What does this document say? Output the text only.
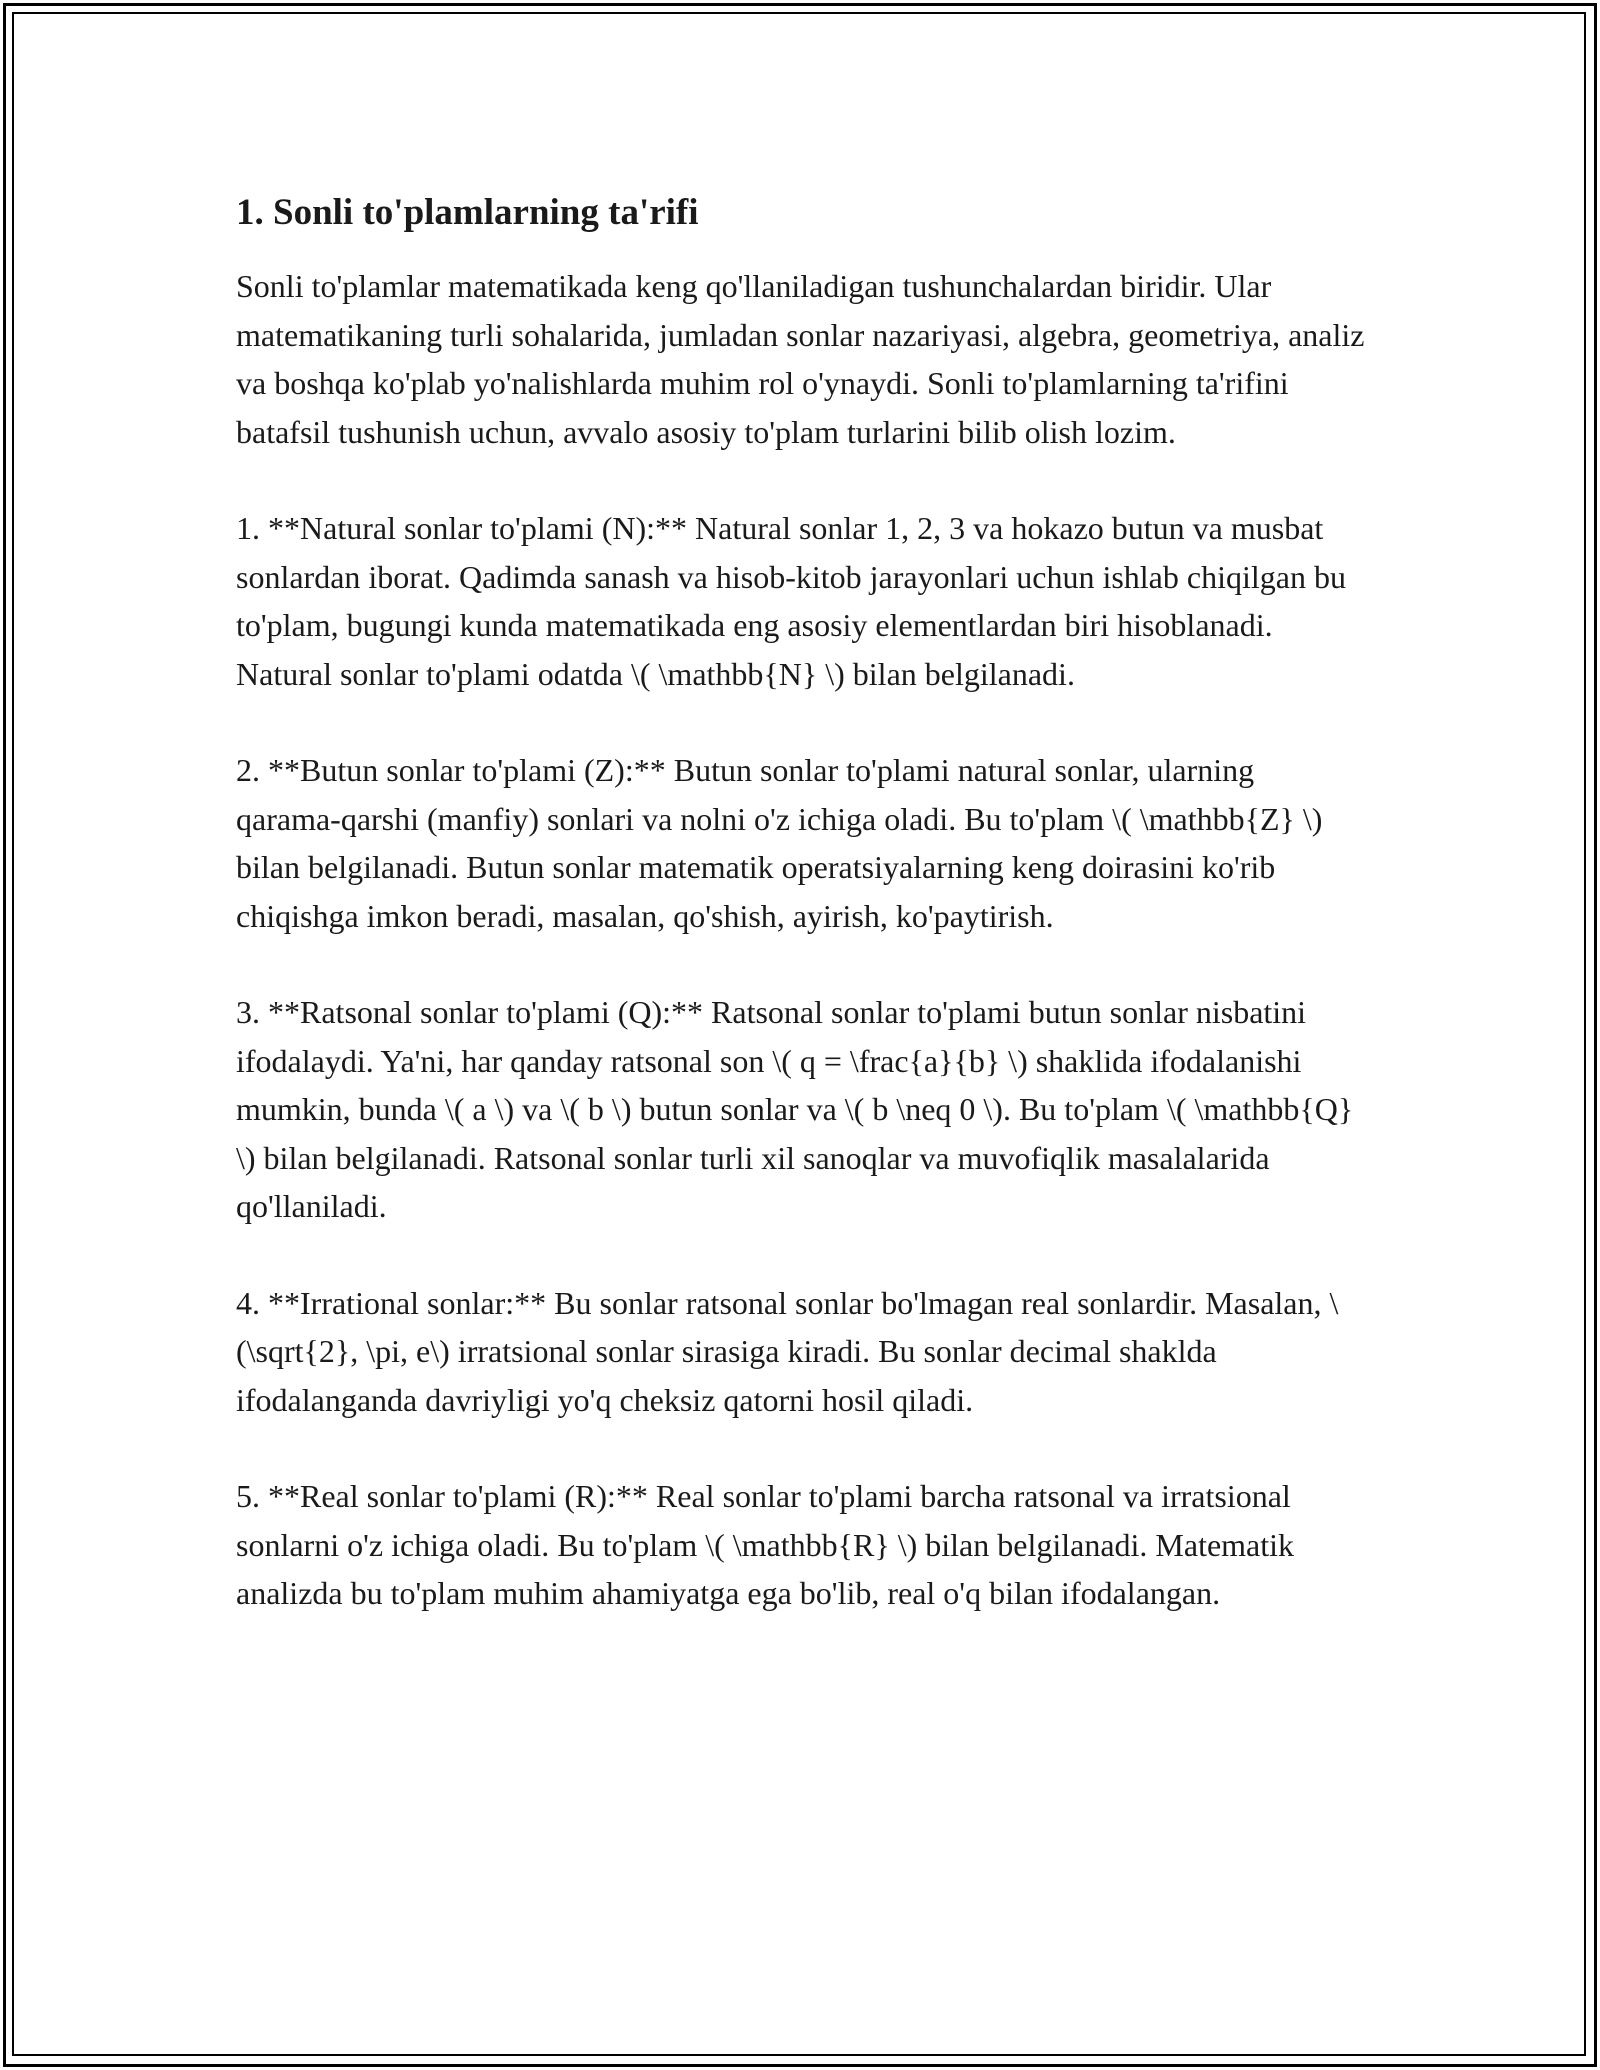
1. Sonli to'plamlarning ta'rifi

Sonli to'plamlar matematikada keng qo'llaniladigan tushunchalardan biridir. Ular matematikaning turli sohalarida, jumladan sonlar nazariyasi, algebra, geometriya, analiz va boshqa ko'plab yo'nalishlarda muhim rol o'ynaydi. Sonli to'plamlarning ta'rifini batafsil tushunish uchun, avvalo asosiy to'plam turlarini bilib olish lozim.

1. **Natural sonlar to'plami (N):** Natural sonlar 1, 2, 3 va hokazo butun va musbat sonlardan iborat. Qadimda sanash va hisob-kitob jarayonlari uchun ishlab chiqilgan bu to'plam, bugungi kunda matematikada eng asosiy elementlardan biri hisoblanadi. Natural sonlar to'plami odatda \( \mathbb{N} \) bilan belgilanadi.

2. **Butun sonlar to'plami (Z):** Butun sonlar to'plami natural sonlar, ularning qarama-qarshi (manfiy) sonlari va nolni o'z ichiga oladi. Bu to'plam \( \mathbb{Z} \) bilan belgilanadi. Butun sonlar matematik operatsiyalarning keng doirasini ko'rib chiqishga imkon beradi, masalan, qo'shish, ayirish, ko'paytirish.

3. **Ratsonal sonlar to'plami (Q):** Ratsonal sonlar to'plami butun sonlar nisbatini ifodalaydi. Ya'ni, har qanday ratsonal son \( q = \frac{a}{b} \) shaklida ifodalanishi mumkin, bunda \( a \) va \( b \) butun sonlar va \( b \neq 0 \). Bu to'plam \( \mathbb{Q} \) bilan belgilanadi. Ratsonal sonlar turli xil sanoqlar va muvofiqlik masalalarida qo'llaniladi.

4. **Irrational sonlar:** Bu sonlar ratsonal sonlar bo'lmagan real sonlardir. Masalan, \(\sqrt{2}, \pi, e\) irratsional sonlar sirasiga kiradi. Bu sonlar decimal shaklda ifodalanganda davriyligi yo'q cheksiz qatorni hosil qiladi.

5. **Real sonlar to'plami (R):** Real sonlar to'plami barcha ratsonal va irratsional sonlarni o'z ichiga oladi. Bu to'plam \( \mathbb{R} \) bilan belgilanadi. Matematik analizda bu to'plam muhim ahamiyatga ega bo'lib, real o'q bilan ifodalangan.
